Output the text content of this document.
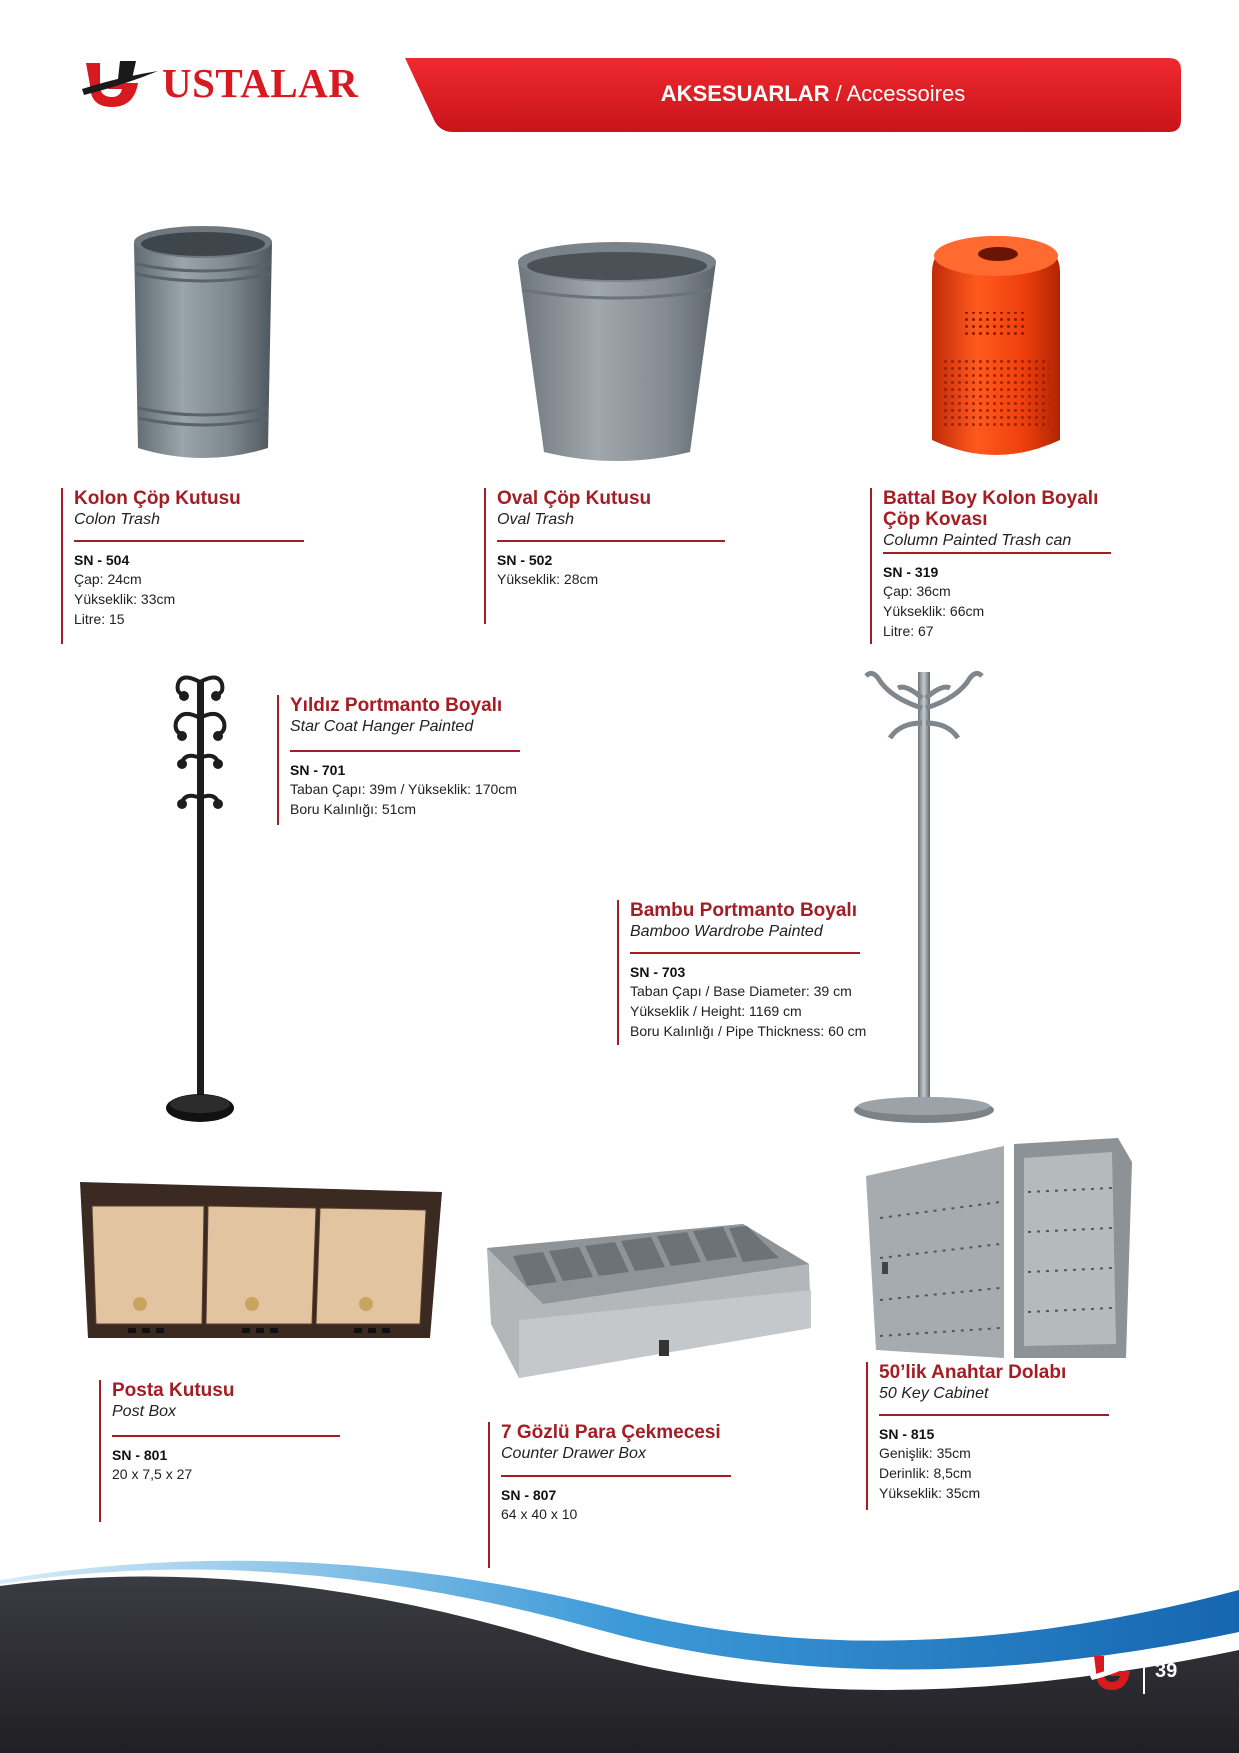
USTALAR	AKSESUARLAR / Accessoires
Kolon Çöp Kutusu
Colon Trash
SN - 504
Çap: 24cm
Yükseklik: 33cm
Litre: 15
Oval Çöp Kutusu
Oval Trash
SN - 502
Yükseklik: 28cm
Battal Boy Kolon Boyalı
Çöp Kovası
Column Painted Trash can
SN - 319
Çap: 36cm
Yükseklik: 66cm
Litre: 67
Yıldız Portmanto Boyalı
Star Coat Hanger Painted
SN - 701
Taban Çapı: 39m / Yükseklik: 170cm
Boru Kalınlığı: 51cm
Bambu Portmanto Boyalı
Bamboo Wardrobe Painted
SN - 703
Taban Çapı / Base Diameter: 39 cm
Yükseklik / Height: 1169 cm
Boru Kalınlığı / Pipe Thickness: 60 cm
Posta Kutusu
Post Box
SN - 801
20 x 7,5 x 27
7 Gözlü Para Çekmecesi
Counter Drawer Box
SN - 807
64 x 40 x 10
50’lik Anahtar Dolabı
50 Key Cabinet
SN - 815
Genişlik: 35cm
Derinlik: 8,5cm
Yükseklik: 35cm
39
